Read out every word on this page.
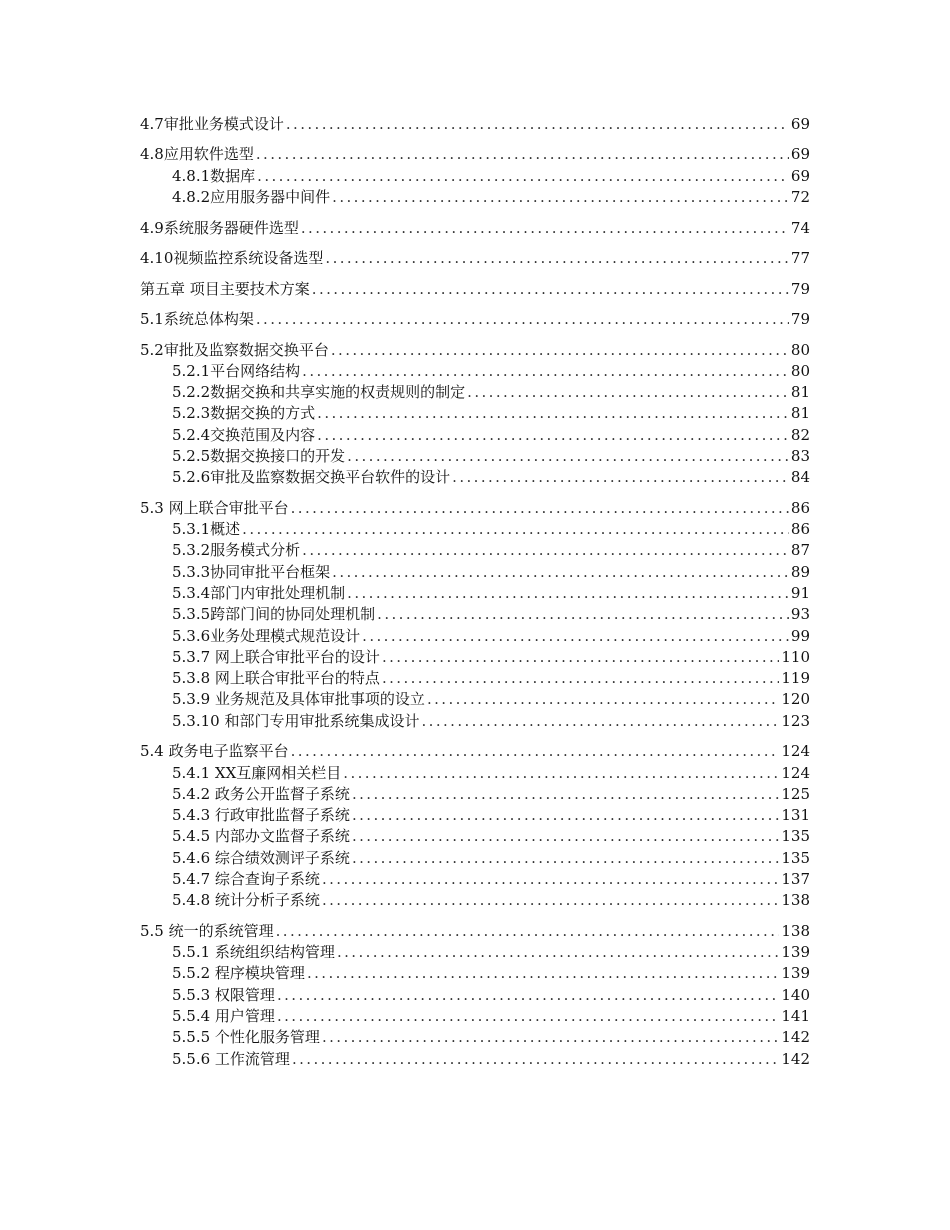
4.7审批业务模式设计 .....	69
4.8应用软件选型 .....	69
4.8.1数据库 .....	69
4.8.2应用服务器中间件 .....	72
4.9系统服务器硬件选型 .....	74
4.10视频监控系统设备选型 .....	77
第五章 项目主要技术方案 .....	79
5.1系统总体构架 .....	79
5.2审批及监察数据交换平台 .....	80
5.2.1平台网络结构 .....	80
5.2.2数据交换和共享实施的权责规则的制定 .....	81
5.2.3数据交换的方式 .....	81
5.2.4交换范围及内容 .....	82
5.2.5数据交换接口的开发 .....	83
5.2.6审批及监察数据交换平台软件的设计 .....	84
5.3 网上联合审批平台 .....	86
5.3.1概述 .....	86
5.3.2服务模式分析 .....	87
5.3.3协同审批平台框架 .....	89
5.3.4部门内审批处理机制 .....	91
5.3.5跨部门间的协同处理机制 .....	93
5.3.6业务处理模式规范设计 .....	99
5.3.7 网上联合审批平台的设计 .....	110
5.3.8 网上联合审批平台的特点 .....	119
5.3.9 业务规范及具体审批事项的设立 .....	120
5.3.10 和部门专用审批系统集成设计 .....	123
5.4 政务电子监察平台 .....	124
5.4.1 XX互廉网相关栏目 .....	124
5.4.2 政务公开监督子系统 .....	125
5.4.3 行政审批监督子系统 .....	131
5.4.5 内部办文监督子系统 .....	135
5.4.6 综合绩效测评子系统 .....	135
5.4.7 综合查询子系统 .....	137
5.4.8 统计分析子系统 .....	138
5.5 统一的系统管理 .....	138
5.5.1 系统组织结构管理 .....	139
5.5.2 程序模块管理 .....	139
5.5.3 权限管理 .....	140
5.5.4 用户管理 .....	141
5.5.5 个性化服务管理 .....	142
5.5.6 工作流管理 .....	142
